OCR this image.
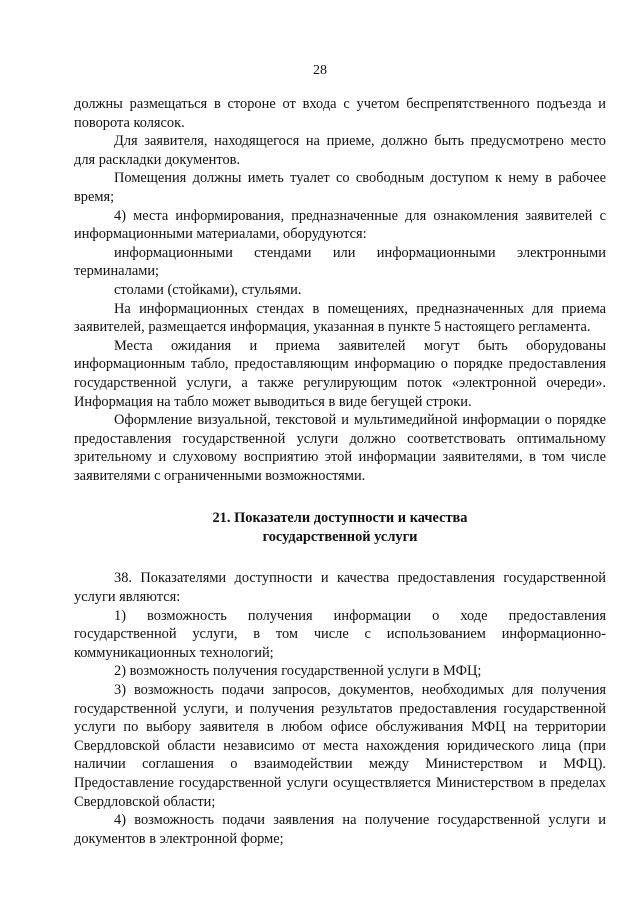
28

должны размещаться в стороне от входа с учетом беспрепятственного подъезда и поворота колясок.

Для заявителя, находящегося на приеме, должно быть предусмотрено место для раскладки документов.

Помещения должны иметь туалет со свободным доступом к нему в рабочее время;

4) места информирования, предназначенные для ознакомления заявителей с информационными материалами, оборудуются:

информационными стендами или информационными электронными терминалами;

столами (стойками), стульями.

На информационных стендах в помещениях, предназначенных для приема заявителей, размещается информация, указанная в пункте 5 настоящего регламента.

Места ожидания и приема заявителей могут быть оборудованы информационным табло, предоставляющим информацию о порядке предоставления государственной услуги, а также регулирующим поток «электронной очереди». Информация на табло может выводиться в виде бегущей строки.

Оформление визуальной, текстовой и мультимедийной информации о порядке предоставления государственной услуги должно соответствовать оптимальному зрительному и слуховому восприятию этой информации заявителями, в том числе заявителями с ограниченными возможностями.

21. Показатели доступности и качества
государственной услуги

38. Показателями доступности и качества предоставления государственной услуги являются:

1) возможность получения информации о ходе предоставления государственной услуги, в том числе с использованием информационно-коммуникационных технологий;

2) возможность получения государственной услуги в МФЦ;

3) возможность подачи запросов, документов, необходимых для получения государственной услуги, и получения результатов предоставления государственной услуги по выбору заявителя в любом офисе обслуживания МФЦ на территории Свердловской области независимо от места нахождения юридического лица (при наличии соглашения о взаимодействии между Министерством и МФЦ). Предоставление государственной услуги осуществляется Министерством в пределах Свердловской области;

4) возможность подачи заявления на получение государственной услуги и документов в электронной форме;
